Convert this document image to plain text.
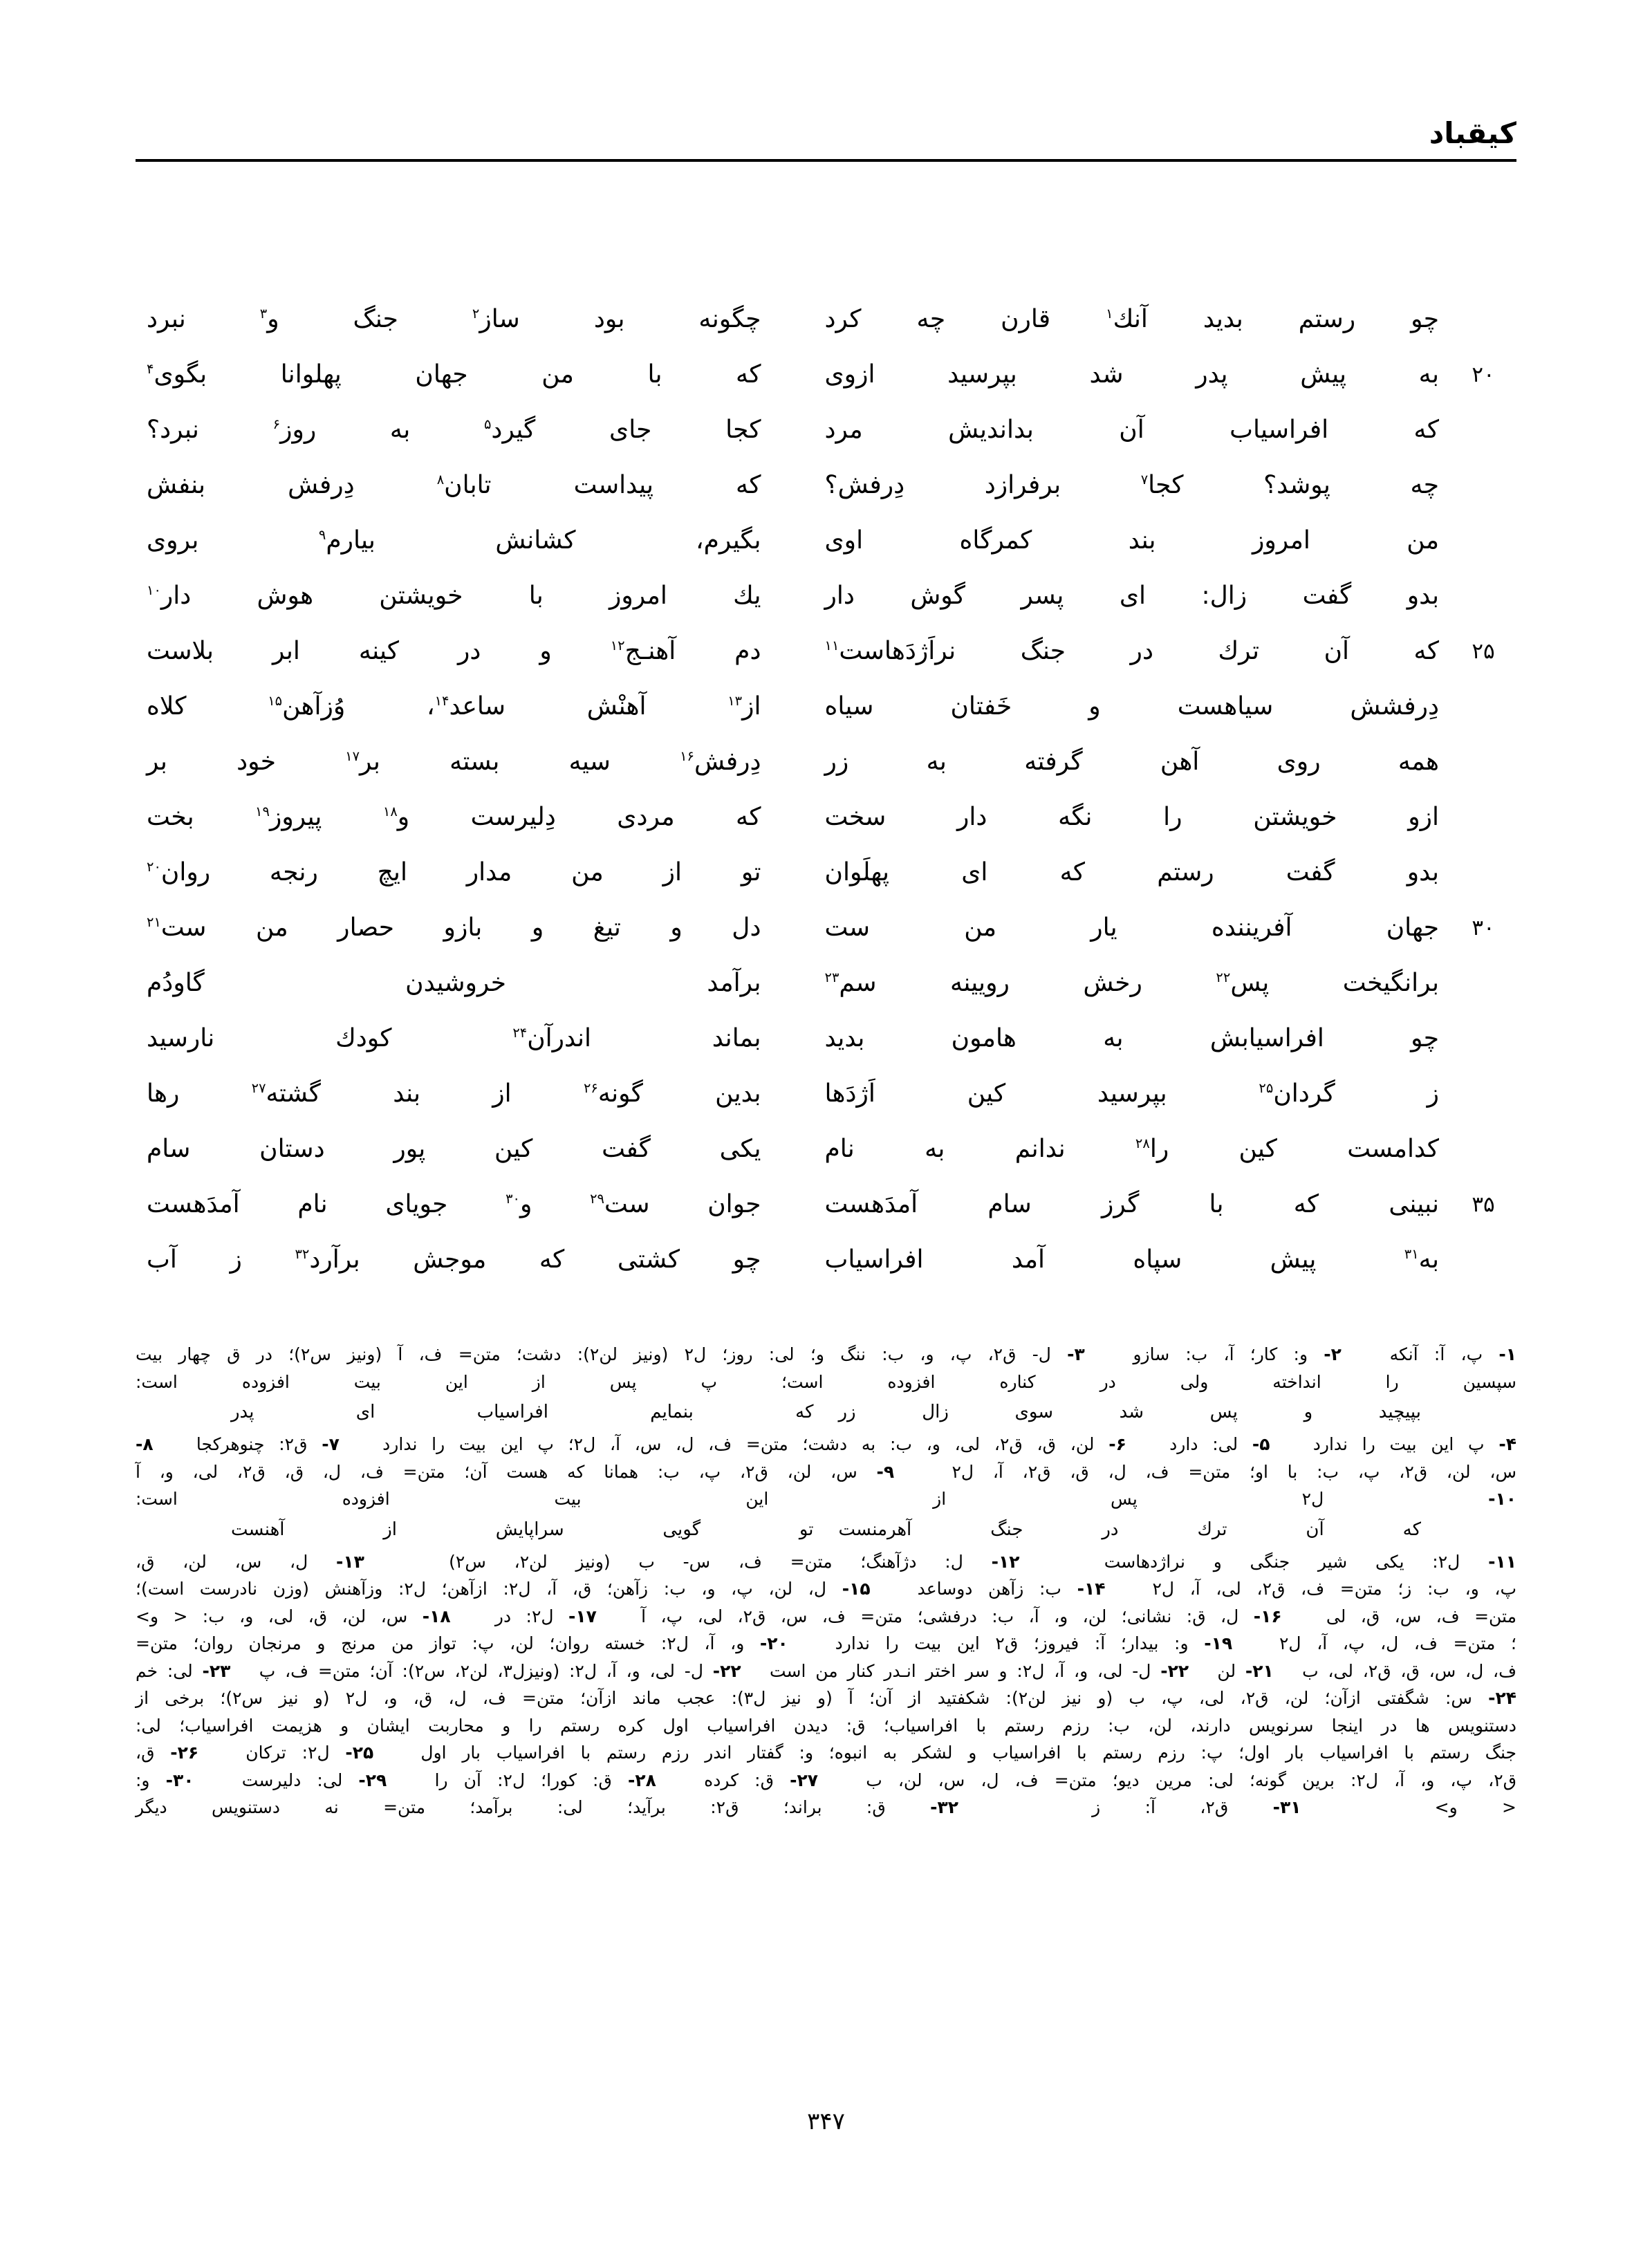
کیقباد
چو رستم بدید آنك$^۱$ قارن چه کرد
چگونه بود ساز$^۲$ جنگ و$^۳$ نبرد
۲۰
به پیش پدر شد بپرسید ازوی
که با من جهان پهلوانا بگوی$^۴$
که افراسیاب آن بداندیش مرد
کجا جای گیرد$^۵$ به روز$^۶$ نبرد؟
چه پوشد؟ کجا$^۷$ برفرازد دِرفش؟
که پیداست تابان$^۸$ دِرفش بنفش
من امروز بند کمرگاه اوی
بگیرم، کشانش بیارم$^۹$ بروی
بدو گفت زال: ای پسر گوش دار
یك امروز با خویشتن هوش دار$^{۱۰}$
۲۵
که آن ترك در جنگ نراَژدَهاست$^{۱۱}$
دم آهنـج$^{۱۲}$ و در کینه ابر بلاست
دِرفشش سیاهست و خَفتان سیاه
از$^{۱۳}$ آهنْش ساعد$^{۱۴}$، وُزآهن$^{۱۵}$ کلاه
همه روی آهن گرفته به زر
دِرفش$^{۱۶}$ سیه بسته بر$^{۱۷}$ خود بر
ازو خویشتن را نگه دار سخت
که مردی دِلیرست و$^{۱۸}$ پیروز$^{۱۹}$ بخت
بدو گفت رستم که ای پهلَوان
تو از من مدار ایچ رنجه روان$^{۲۰}$
۳۰
جهان آفریننده یار من ست
دل و تیغ و بازو حصار من ست$^{۲۱}$
برانگیخت پس$^{۲۲}$ رخش رویینه سم$^{۲۳}$
برآمد خروشیدن گاودُم
چو افراسیابش به هامون بدید
بماند اندرآن$^{۲۴}$ کودك نارسید
ز گردان$^{۲۵}$ بپرسید کین اَژدَها
بدین گونه$^{۲۶}$ از بند گشته$^{۲۷}$ رها
کدامست کین را$^{۲۸}$ ندانم به نام
یکی گفت کین پور دستان سام
۳۵
نبینی که با گرز سام آمدَهست
جوان ست$^{۲۹}$ و$^{۳۰}$ جویای نام آمدَهست
به$^{۳۱}$ پیش سپاه آمد افراسیاب
چو کشتی که موجش برآرد$^{۳۲}$ ز آب
۱- پ، آ: آنکه   ۲- و: کار؛ آ، ب: سازو   ۳- ل- ق۲، پ، و، ب: ننگ و؛ لی: روز؛ ل۲ (ونیز لن۲): دشت؛ متن= ف، آ (ونیز س۲)؛ در ق چهار بیت
سپسین را انداخته ولی در کناره افزوده است؛ پ پس از این بیت افزوده است:
بپیچید و پس شد سوی زال زر
که بنمایم افراسیاب ای پدر
۴- پ این بیت را ندارد   ۵- لی: دارد   ۶- لن، ق، ق۲، لی، و، ب: به دشت؛ متن= ف، ل، س، آ، ل۲؛ پ این بیت را ندارد   ۷- ق۲: چنوهرکجا   ۸-
س، لن، ق۲، پ، ب: با او؛ متن= ف، ل، ق، ق۲، آ، ل۲   ۹- س، لن، ق۲، پ، ب: همانا که هست آن؛ متن= ف، ل، ق، ق۲، لی، و، آ
۱۰- ل۲ پس از این بیت افزوده است:
که آن ترك در جنگ آهرمنست
تو گویی سراپایش از آهنست
۱۱- ل۲: یکی شیر جنگی و نراژدهاست   ۱۲- ل: دژآهنگ؛ متن= ف، س- ب (ونیز لن۲، س۲)   ۱۳- ل، س، لن، ق،
پ، و، ب: ز؛ متن= ف، ق۲، لی، آ، ل۲   ۱۴- ب: زآهن دوساعد   ۱۵- ل، لن، پ، و، ب: زآهن؛ ق، آ، ل۲: ازآهن؛ ل۲: وزآهنش (وزن نادرست است)؛
متن= ف، س، ق، لی   ۱۶- ل، ق: نشانی؛ لن، و، آ، ب: درفشی؛ متن= ف، س، ق۲، لی، پ، آ   ۱۷- ل۲: در   ۱۸- س، لن، ق، لی، و، ب: ‌< و>
؛ متن= ف، ل، پ، آ، ل۲   ۱۹- و: بیدار؛ آ: فیروز؛ ق۲ این بیت را ندارد   ۲۰- و، آ، ل۲: خسته روان؛ لن، پ: تواز من مرنج و مرنجان روان؛ متن=
ف، ل، س، ق، ق۲، لی، ب   ۲۱- لن   ۲۲- ل- لی، و، آ، ل۲: و سر اختر انـدر کنار من است   ۲۲- ل- لی، و، آ، ل۲: (ونیزل۳، لن۲، س۲): آن؛ متن= ف، پ   ۲۳- لی: خم
۲۴- س: شگفتی ازآن؛ لن، ق۲، لی، پ، ب (و نیز لن۲): شکفتید از آن؛ آ (و نیز ل۳): عجب ماند ازآن؛ متن= ف، ل، ق، و، ل۲ (و نیز س۲)؛ برخی از
دستنویس ها در اینجا سرنویس دارند، لن، ب: رزم رستم با افراسیاب؛ ق: دیدن افراسیاب اول کره رستم را و محاربت ایشان و هزیمت افراسیاب؛ لی:
جنگ رستم با افراسیاب بار اول؛ پ: رزم رستم با افراسیاب و لشکر به انبوه؛ و: گفتار اندر رزم رستم با افراسیاب بار اول   ۲۵- ل۲: ترکان   ۲۶- ق،
ق۲، پ، و، آ، ل۲: برین گونه؛ لی: مرین دیو؛ متن= ف، ل، س، لن، ب   ۲۷- ق: کرده   ۲۸- ق: کورا؛ ل۲: آن را   ۲۹- لی: دلیرست   ۳۰- و:
< و>   ۳۱- ق۲، آ: ز   ۳۲- ق: براند؛ ق۲: برآید؛ لی: برآمد؛ متن= نه دستنویس دیگر
۳۴۷
